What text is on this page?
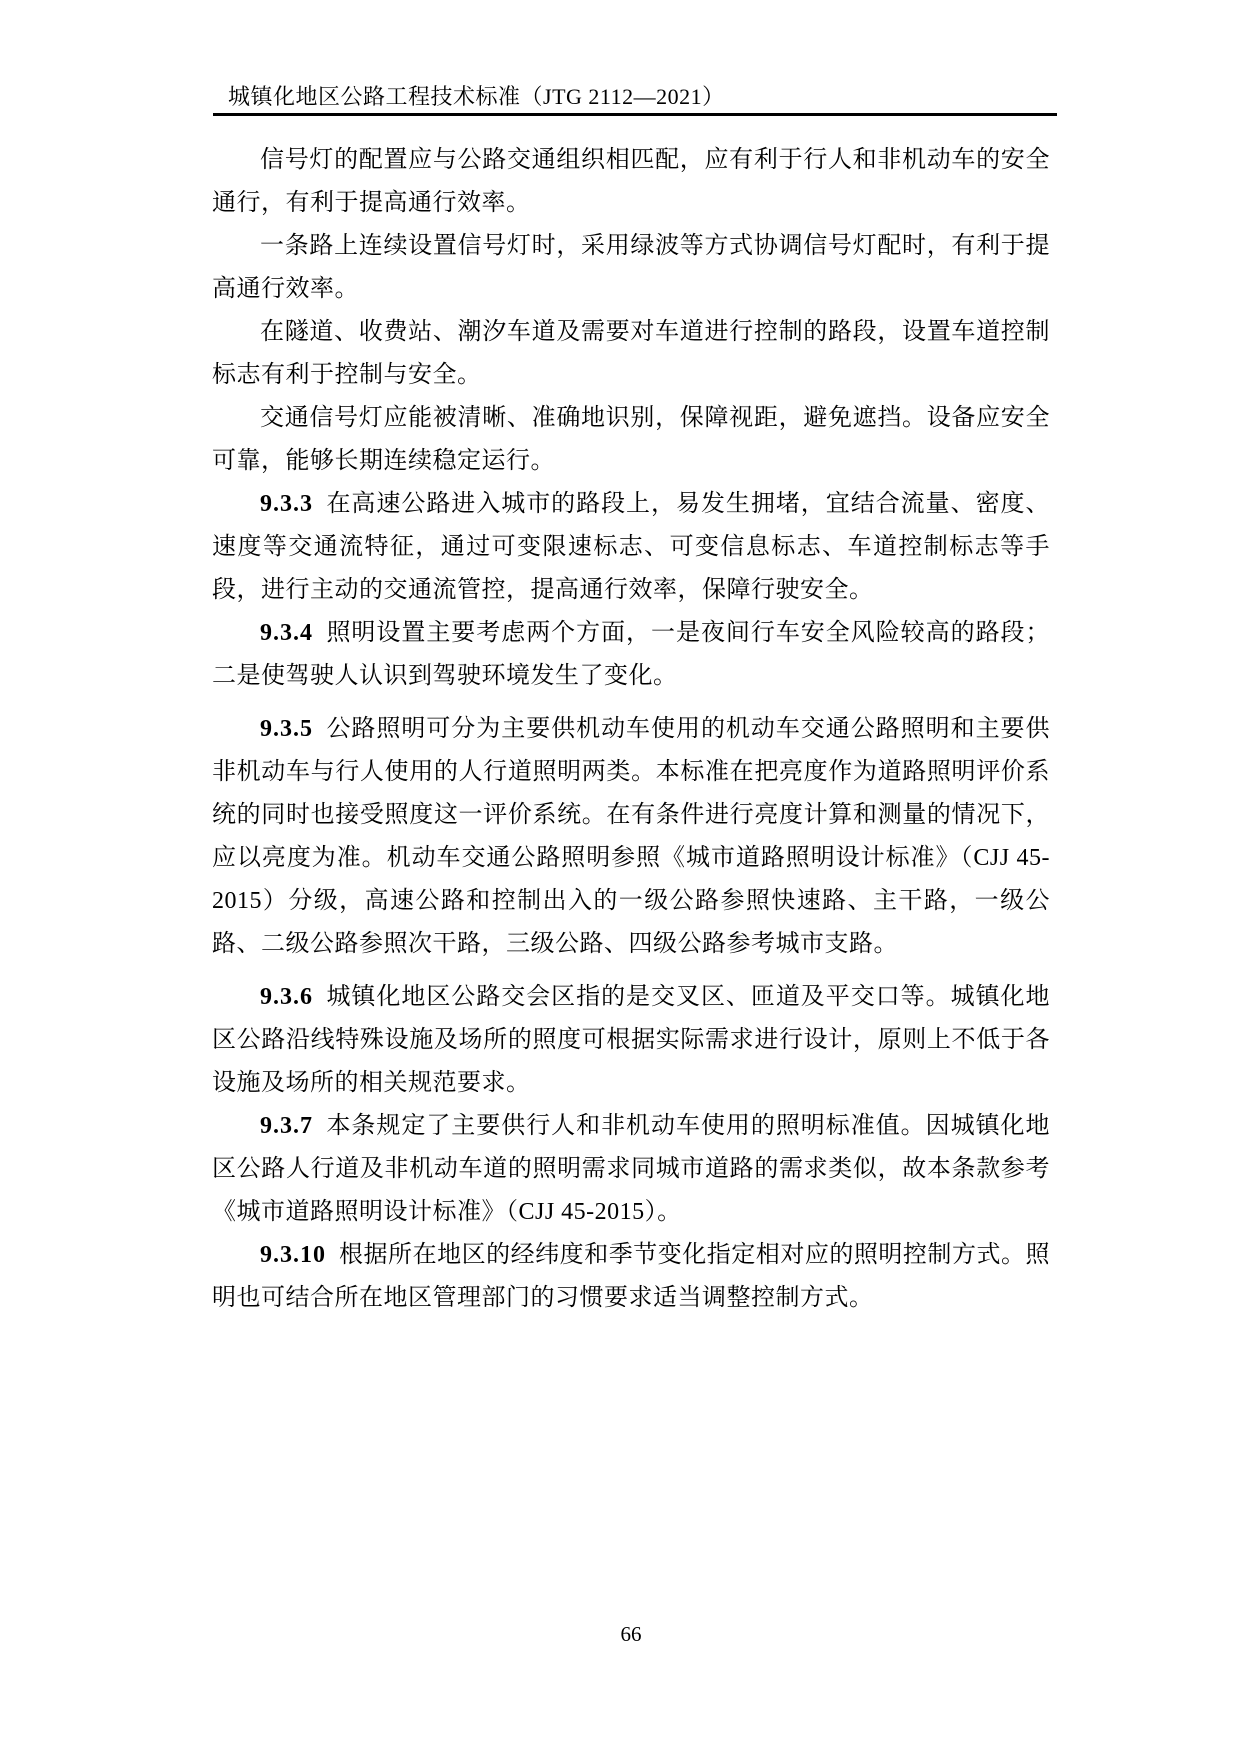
城镇化地区公路工程技术标准（JTG 2112—2021）

信号灯的配置应与公路交通组织相匹配，应有利于行人和非机动车的安全通行，有利于提高通行效率。

一条路上连续设置信号灯时，采用绿波等方式协调信号灯配时，有利于提高通行效率。

在隧道、收费站、潮汐车道及需要对车道进行控制的路段，设置车道控制标志有利于控制与安全。

交通信号灯应能被清晰、准确地识别，保障视距，避免遮挡。设备应安全可靠，能够长期连续稳定运行。

9.3.3 在高速公路进入城市的路段上，易发生拥堵，宜结合流量、密度、速度等交通流特征，通过可变限速标志、可变信息标志、车道控制标志等手段，进行主动的交通流管控，提高通行效率，保障行驶安全。

9.3.4 照明设置主要考虑两个方面，一是夜间行车安全风险较高的路段；二是使驾驶人认识到驾驶环境发生了变化。

9.3.5 公路照明可分为主要供机动车使用的机动车交通公路照明和主要供非机动车与行人使用的人行道照明两类。本标准在把亮度作为道路照明评价系统的同时也接受照度这一评价系统。在有条件进行亮度计算和测量的情况下，应以亮度为准。机动车交通公路照明参照《城市道路照明设计标准》（CJJ 45-2015）分级，高速公路和控制出入的一级公路参照快速路、主干路，一级公路、二级公路参照次干路，三级公路、四级公路参考城市支路。

9.3.6 城镇化地区公路交会区指的是交叉区、匝道及平交口等。城镇化地区公路沿线特殊设施及场所的照度可根据实际需求进行设计，原则上不低于各设施及场所的相关规范要求。

9.3.7 本条规定了主要供行人和非机动车使用的照明标准值。因城镇化地区公路人行道及非机动车道的照明需求同城市道路的需求类似，故本条款参考《城市道路照明设计标准》（CJJ 45-2015）。

9.3.10 根据所在地区的经纬度和季节变化指定相对应的照明控制方式。照明也可结合所在地区管理部门的习惯要求适当调整控制方式。

66
